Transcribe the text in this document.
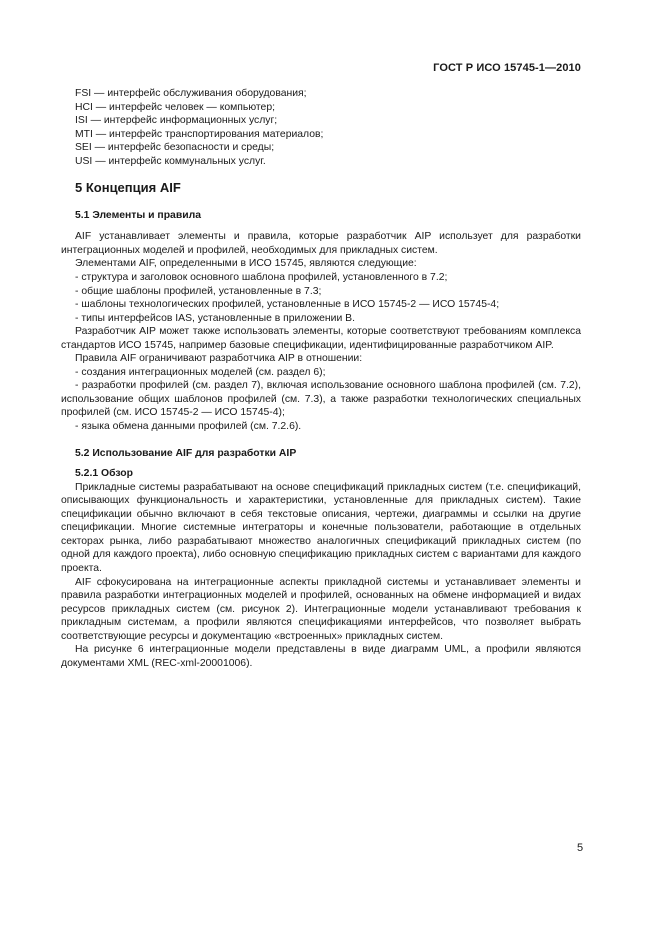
ГОСТ Р ИСО 15745-1—2010
FSI — интерфейс обслуживания оборудования;
HCI — интерфейс человек — компьютер;
ISI — интерфейс информационных услуг;
MTI — интерфейс транспортирования материалов;
SEI — интерфейс безопасности и среды;
USI — интерфейс коммунальных услуг.
5 Концепция AIF
5.1 Элементы и правила

AIF устанавливает элементы и правила, которые разработчик AIP использует для разработки интеграционных моделей и профилей, необходимых для прикладных систем.

Элементами AIF, определенными в ИСО 15745, являются следующие:

- структура и заголовок основного шаблона профилей, установленного в 7.2;
- общие шаблоны профилей, установленные в 7.3;
- шаблоны технологических профилей, установленные в ИСО 15745-2 — ИСО 15745-4;
- типы интерфейсов IAS, установленные в приложении B.

Разработчик AIP может также использовать элементы, которые соответствуют требованиям комплекса стандартов ИСО 15745, например базовые спецификации, идентифицированные разработчиком AIP.

Правила AIF ограничивают разработчика AIP в отношении:

- создания интеграционных моделей (см. раздел 6);
- разработки профилей (см. раздел 7), включая использование основного шаблона профилей (см. 7.2), использование общих шаблонов профилей (см. 7.3), а также разработки технологических специальных профилей (см. ИСО 15745-2 — ИСО 15745-4);
- языка обмена данными профилей (см. 7.2.6).
5.2 Использование AIF для разработки AIP
5.2.1 Обзор

Прикладные системы разрабатывают на основе спецификаций прикладных систем (т.е. спецификаций, описывающих функциональность и характеристики, установленные для прикладных систем). Такие спецификации обычно включают в себя текстовые описания, чертежи, диаграммы и ссылки на другие спецификации. Многие системные интеграторы и конечные пользователи, работающие в отдельных секторах рынка, либо разрабатывают множество аналогичных спецификаций прикладных систем (по одной для каждого проекта), либо основную спецификацию прикладных систем с вариантами для каждого проекта.

AIF сфокусирована на интеграционные аспекты прикладной системы и устанавливает элементы и правила разработки интеграционных моделей и профилей, основанных на обмене информацией и видах ресурсов прикладных систем (см. рисунок 2). Интеграционные модели устанавливают требования к прикладным системам, а профили являются спецификациями интерфейсов, что позволяет выбрать соответствующие ресурсы и документацию «встроенных» прикладных систем.

На рисунке 6 интеграционные модели представлены в виде диаграмм UML, а профили являются документами XML (REC-xml-20001006).

5
